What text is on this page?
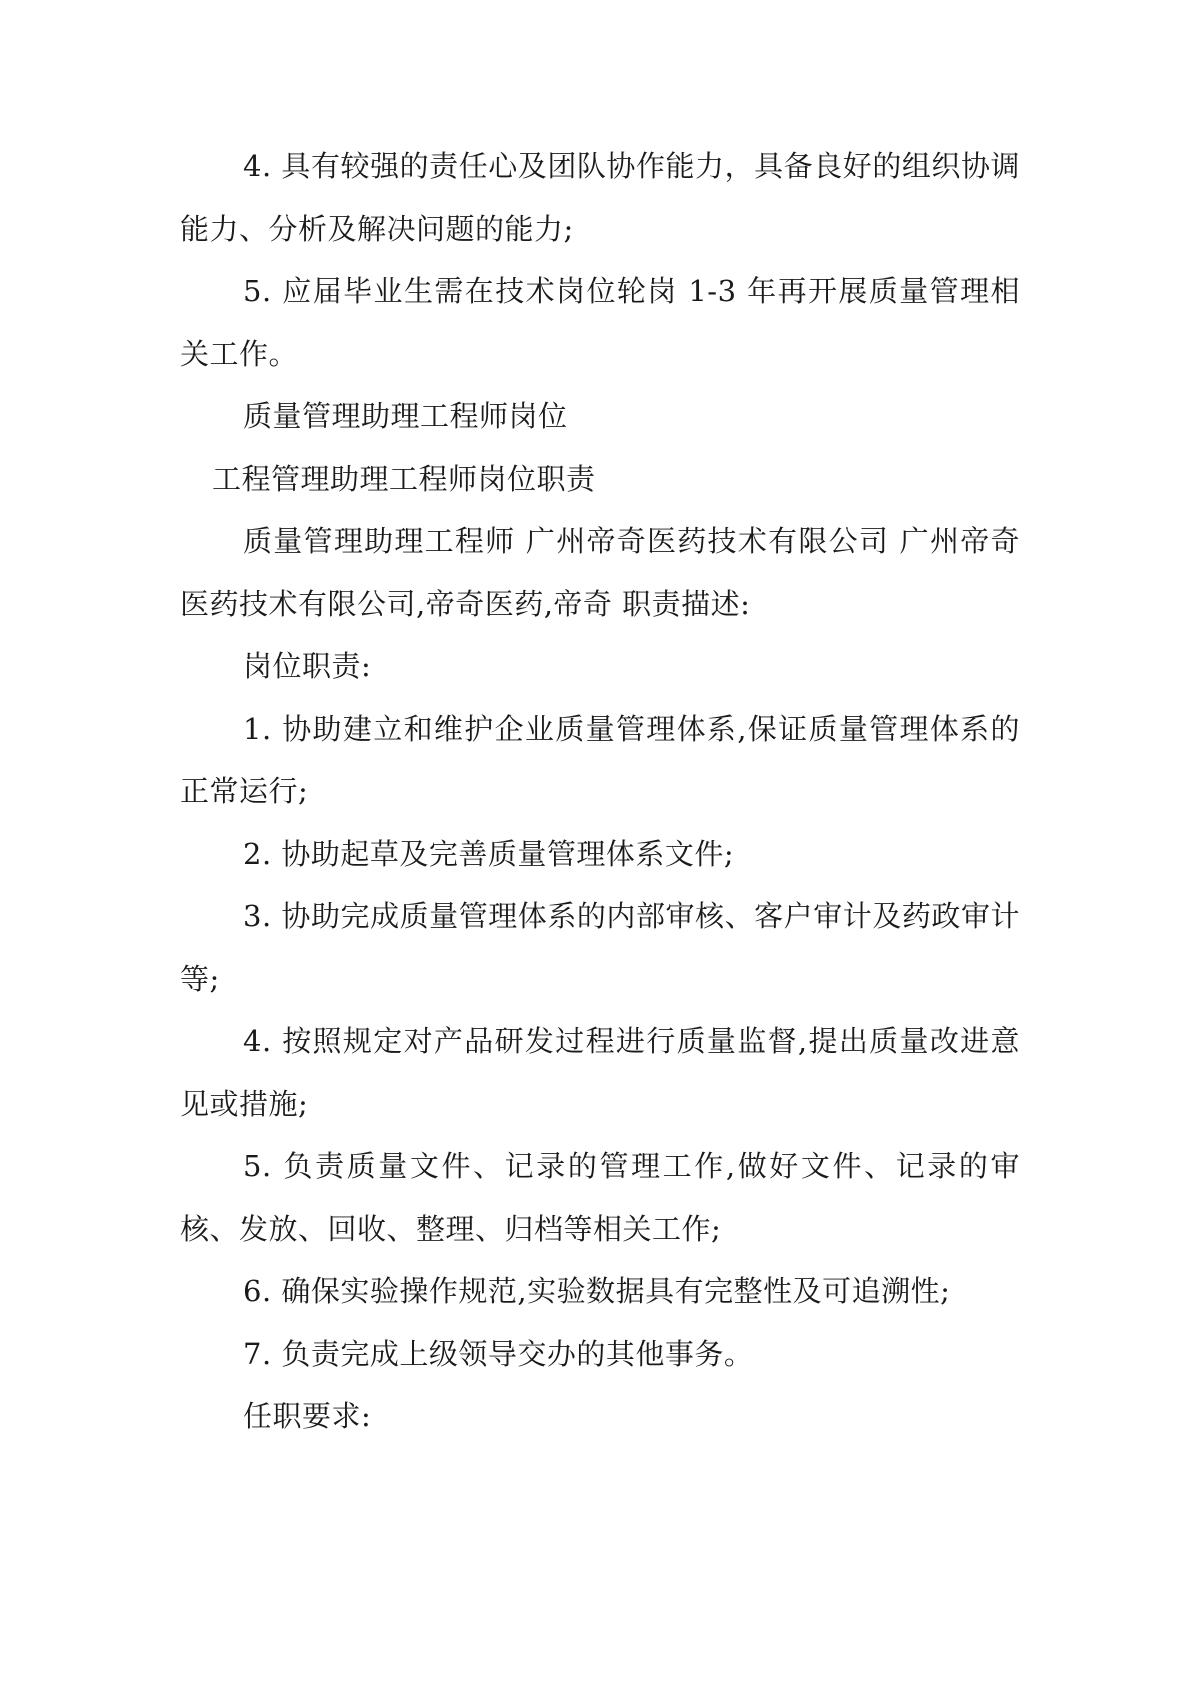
4. 具有较强的责任心及团队协作能力，具备良好的组织协调能力、分析及解决问题的能力;

5. 应届毕业生需在技术岗位轮岗 1-3 年再开展质量管理相关工作。

质量管理助理工程师岗位

工程管理助理工程师岗位职责

质量管理助理工程师 广州帝奇医药技术有限公司 广州帝奇医药技术有限公司,帝奇医药,帝奇 职责描述:

岗位职责:

1. 协助建立和维护企业质量管理体系,保证质量管理体系的正常运行;

2. 协助起草及完善质量管理体系文件;

3. 协助完成质量管理体系的内部审核、客户审计及药政审计等;

4. 按照规定对产品研发过程进行质量监督,提出质量改进意见或措施;

5. 负责质量文件、记录的管理工作,做好文件、记录的审核、发放、回收、整理、归档等相关工作;

6. 确保实验操作规范,实验数据具有完整性及可追溯性;

7. 负责完成上级领导交办的其他事务。

任职要求:
